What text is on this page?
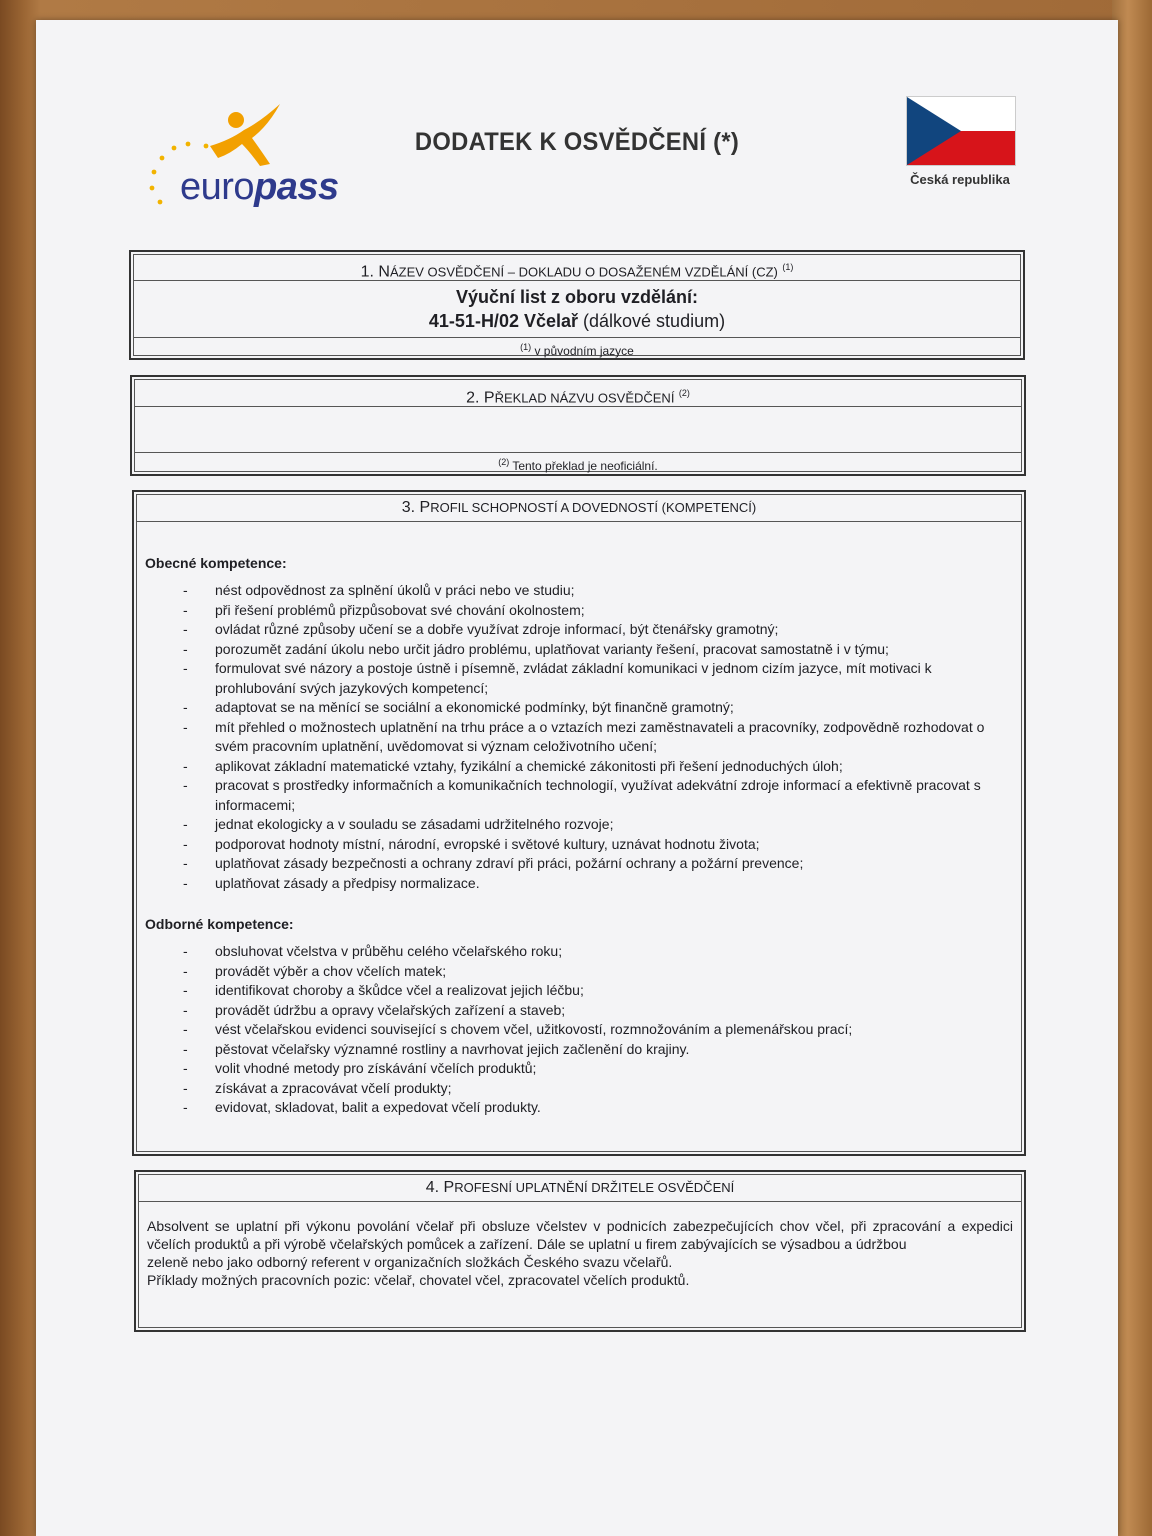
europass
DODATEK K OSVĚDČENÍ (*)
Česká republika
1. NÁZEV OSVĚDČENÍ – DOKLADU O DOSAŽENÉM VZDĚLÁNÍ (CZ) $^{(1)}$
Výuční list z oboru vzdělání:
41-51-H/02 Včelař (dálkové studium)
$^{(1)}$ v původním jazyce
2. PŘEKLAD NÁZVU OSVĚDČENÍ $^{(2)}$
$^{(2)}$ Tento překlad je neoficiální.
3. PROFIL SCHOPNOSTÍ A DOVEDNOSTÍ (KOMPETENCÍ)
Obecné kompetence:
- nést odpovědnost za splnění úkolů v práci nebo ve studiu;
- při řešení problémů přizpůsobovat své chování okolnostem;
- ovládat různé způsoby učení se a dobře využívat zdroje informací, být čtenářsky gramotný;
- porozumět zadání úkolu nebo určit jádro problému, uplatňovat varianty řešení, pracovat samostatně i v týmu;
- formulovat své názory a postoje ústně i písemně, zvládat základní komunikaci v jednom cizím jazyce, mít motivaci k prohlubování svých jazykových kompetencí;
- adaptovat se na měnící se sociální a ekonomické podmínky, být finančně gramotný;
- mít přehled o možnostech uplatnění na trhu práce a o vztazích mezi zaměstnavateli a pracovníky, zodpovědně rozhodovat o svém pracovním uplatnění, uvědomovat si význam celoživotního učení;
- aplikovat základní matematické vztahy, fyzikální a chemické zákonitosti při řešení jednoduchých úloh;
- pracovat s prostředky informačních a komunikačních technologií, využívat adekvátní zdroje informací a efektivně pracovat s informacemi;
- jednat ekologicky a v souladu se zásadami udržitelného rozvoje;
- podporovat hodnoty místní, národní, evropské i světové kultury, uznávat hodnotu života;
- uplatňovat zásady bezpečnosti a ochrany zdraví při práci, požární ochrany a požární prevence;
- uplatňovat zásady a předpisy normalizace.
Odborné kompetence:
- obsluhovat včelstva v průběhu celého včelařského roku;
- provádět výběr a chov včelích matek;
- identifikovat choroby a škůdce včel a realizovat jejich léčbu;
- provádět údržbu a opravy včelařských zařízení a staveb;
- vést včelařskou evidenci související s chovem včel, užitkovostí, rozmnožováním a plemenářskou prací;
- pěstovat včelařsky významné rostliny a navrhovat jejich začlenění do krajiny.
- volit vhodné metody pro získávání včelích produktů;
- získávat a zpracovávat včelí produkty;
- evidovat, skladovat, balit a expedovat včelí produkty.
4. PROFESNÍ UPLATNĚNÍ DRŽITELE OSVĚDČENÍ
Absolvent se uplatní při výkonu povolání včelař při obsluze včelstev v podnicích zabezpečujících chov včel, při zpracování a expedici včelích produktů a při výrobě včelařských pomůcek a zařízení. Dále se uplatní u firem zabývajících se výsadbou a údržbou
zeleně nebo jako odborný referent v organizačních složkách Českého svazu včelařů.
Příklady možných pracovních pozic: včelař, chovatel včel, zpracovatel včelích produktů.
